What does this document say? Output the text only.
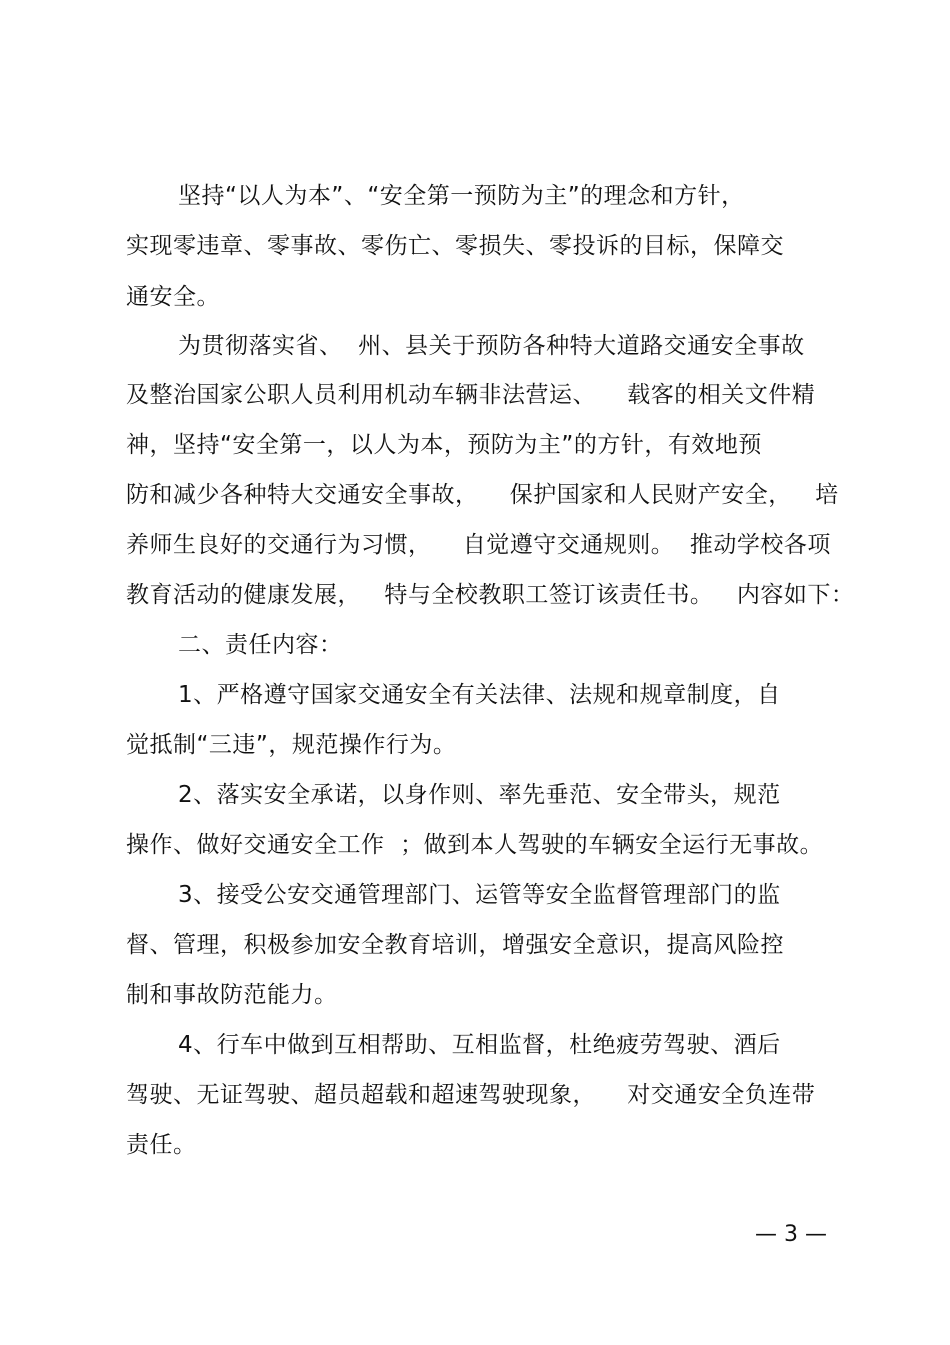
坚持“以人为本”、“安全第一预防为主”的理念和方针，
实现零违章、零事故、零伤亡、零损失、零投诉的目标，保障交
通安全。
为贯彻落实省、  州、县关于预防各种特大道路交通安全事故
及整治国家公职人员利用机动车辆非法营运、    载客的相关文件精
神，坚持“安全第一，以人为本，预防为主”的方针，有效地预
防和减少各种特大交通安全事故，    保护国家和人民财产安全，   培
养师生良好的交通行为习惯，    自觉遵守交通规则。  推动学校各项
教育活动的健康发展，   特与全校教职工签订该责任书。   内容如下：
二、责任内容：
1、严格遵守国家交通安全有关法律、法规和规章制度，自
觉抵制“三违”，规范操作行为。
2、落实安全承诺，以身作则、率先垂范、安全带头，规范
操作、做好交通安全工作  ；做到本人驾驶的车辆安全运行无事故。
3、接受公安交通管理部门、运管等安全监督管理部门的监
督、管理，积极参加安全教育培训，增强安全意识，提高风险控
制和事故防范能力。
4、行车中做到互相帮助、互相监督，杜绝疲劳驾驶、酒后
驾驶、无证驾驶、超员超载和超速驾驶现象，    对交通安全负连带
责任。
— 3 —
